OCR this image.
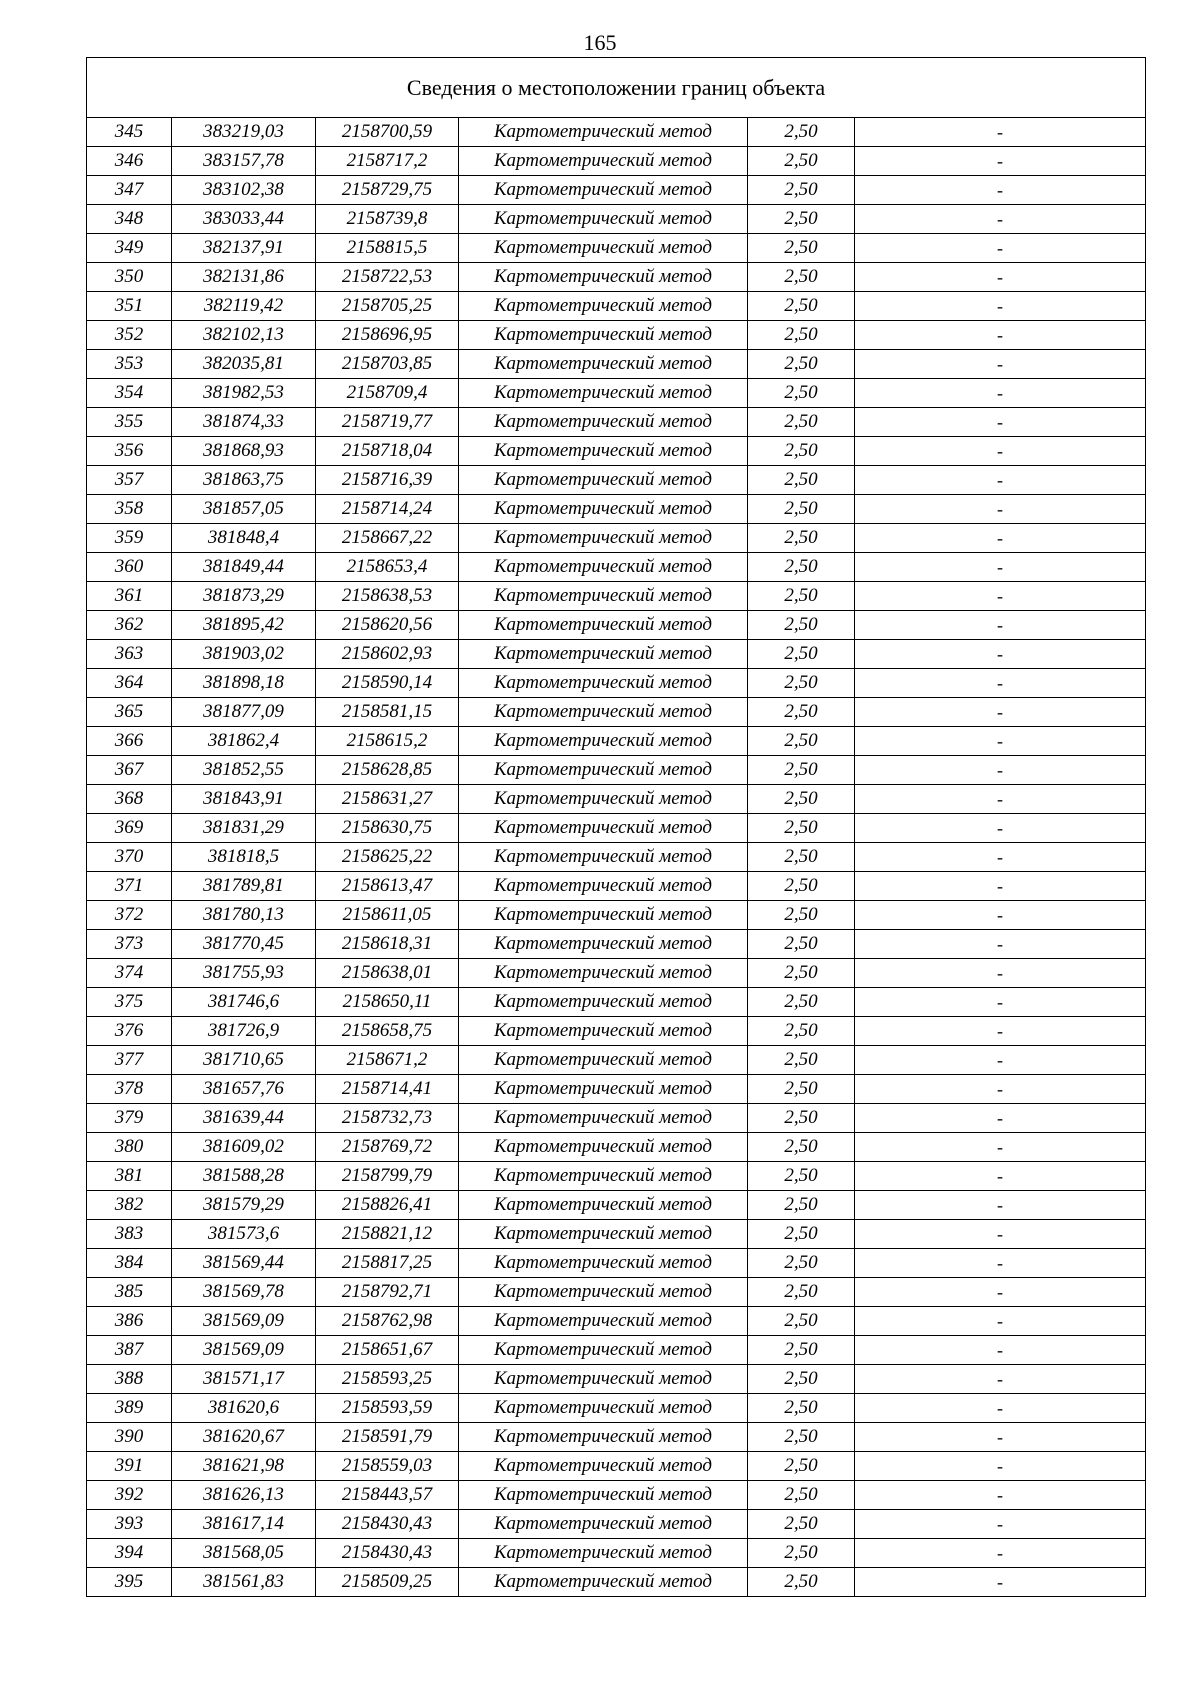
165
Сведения о местоположении границ объекта					
345	383219,03	2158700,59	Картометрический метод	2,50	-
346	383157,78	2158717,2	Картометрический метод	2,50	-
347	383102,38	2158729,75	Картометрический метод	2,50	-
348	383033,44	2158739,8	Картометрический метод	2,50	-
349	382137,91	2158815,5	Картометрический метод	2,50	-
350	382131,86	2158722,53	Картометрический метод	2,50	-
351	382119,42	2158705,25	Картометрический метод	2,50	-
352	382102,13	2158696,95	Картометрический метод	2,50	-
353	382035,81	2158703,85	Картометрический метод	2,50	-
354	381982,53	2158709,4	Картометрический метод	2,50	-
355	381874,33	2158719,77	Картометрический метод	2,50	-
356	381868,93	2158718,04	Картометрический метод	2,50	-
357	381863,75	2158716,39	Картометрический метод	2,50	-
358	381857,05	2158714,24	Картометрический метод	2,50	-
359	381848,4	2158667,22	Картометрический метод	2,50	-
360	381849,44	2158653,4	Картометрический метод	2,50	-
361	381873,29	2158638,53	Картометрический метод	2,50	-
362	381895,42	2158620,56	Картометрический метод	2,50	-
363	381903,02	2158602,93	Картометрический метод	2,50	-
364	381898,18	2158590,14	Картометрический метод	2,50	-
365	381877,09	2158581,15	Картометрический метод	2,50	-
366	381862,4	2158615,2	Картометрический метод	2,50	-
367	381852,55	2158628,85	Картометрический метод	2,50	-
368	381843,91	2158631,27	Картометрический метод	2,50	-
369	381831,29	2158630,75	Картометрический метод	2,50	-
370	381818,5	2158625,22	Картометрический метод	2,50	-
371	381789,81	2158613,47	Картометрический метод	2,50	-
372	381780,13	2158611,05	Картометрический метод	2,50	-
373	381770,45	2158618,31	Картометрический метод	2,50	-
374	381755,93	2158638,01	Картометрический метод	2,50	-
375	381746,6	2158650,11	Картометрический метод	2,50	-
376	381726,9	2158658,75	Картометрический метод	2,50	-
377	381710,65	2158671,2	Картометрический метод	2,50	-
378	381657,76	2158714,41	Картометрический метод	2,50	-
379	381639,44	2158732,73	Картометрический метод	2,50	-
380	381609,02	2158769,72	Картометрический метод	2,50	-
381	381588,28	2158799,79	Картометрический метод	2,50	-
382	381579,29	2158826,41	Картометрический метод	2,50	-
383	381573,6	2158821,12	Картометрический метод	2,50	-
384	381569,44	2158817,25	Картометрический метод	2,50	-
385	381569,78	2158792,71	Картометрический метод	2,50	-
386	381569,09	2158762,98	Картометрический метод	2,50	-
387	381569,09	2158651,67	Картометрический метод	2,50	-
388	381571,17	2158593,25	Картометрический метод	2,50	-
389	381620,6	2158593,59	Картометрический метод	2,50	-
390	381620,67	2158591,79	Картометрический метод	2,50	-
391	381621,98	2158559,03	Картометрический метод	2,50	-
392	381626,13	2158443,57	Картометрический метод	2,50	-
393	381617,14	2158430,43	Картометрический метод	2,50	-
394	381568,05	2158430,43	Картометрический метод	2,50	-
395	381561,83	2158509,25	Картометрический метод	2,50	-
